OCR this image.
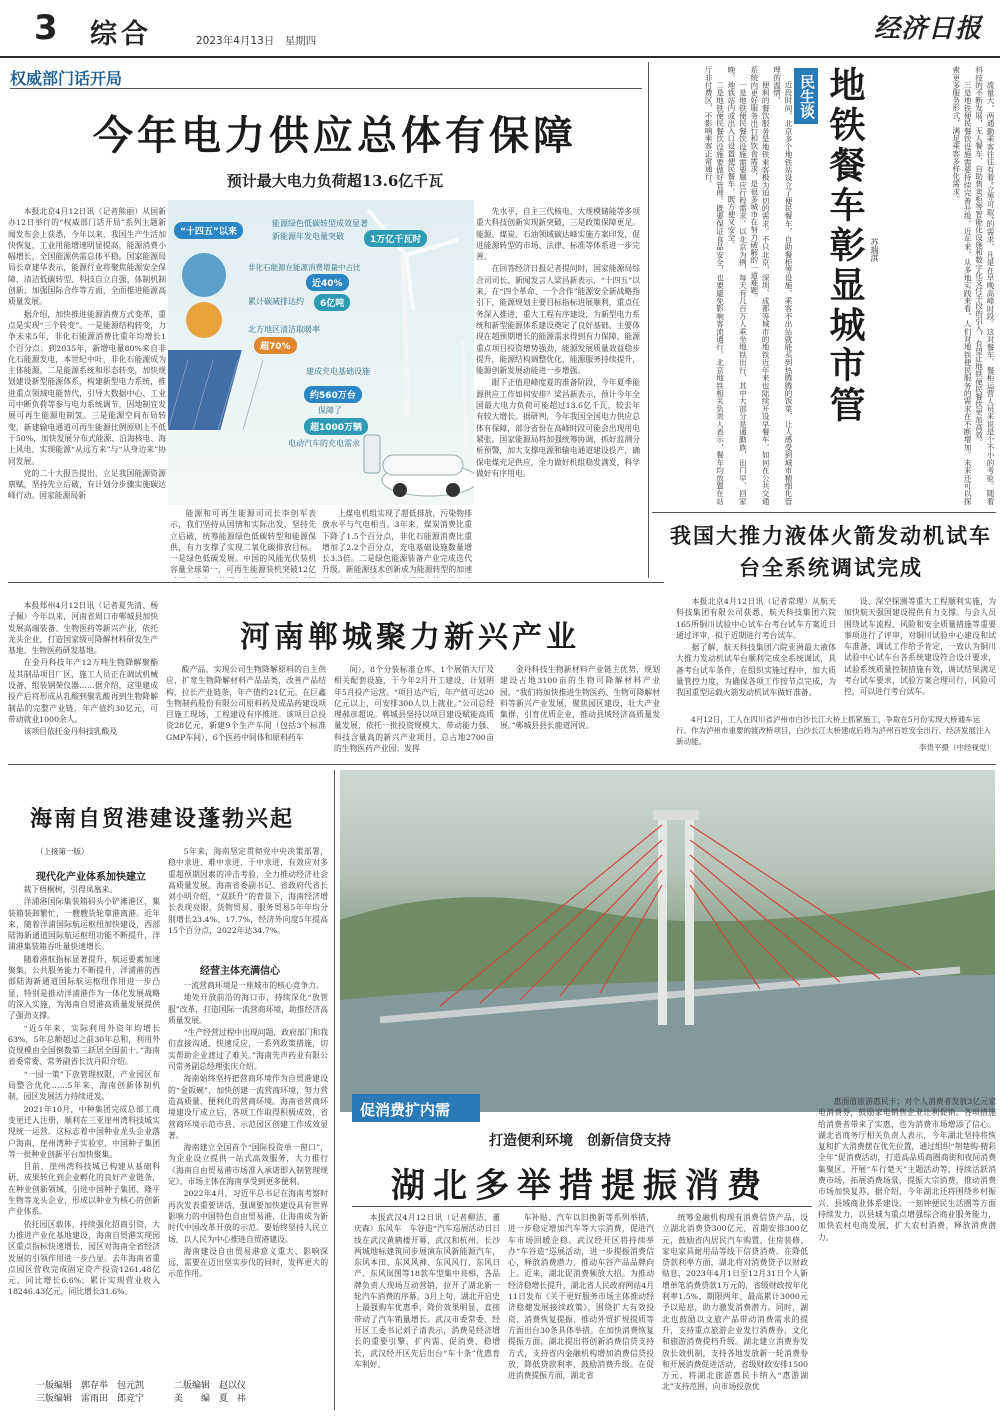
3 综合	2023年4月13日　星期四	经济日报
权威部门话开局
今年电力供应总体有保障
预计最大电力负荷超13.6亿千瓦

本报北京4月12日讯（记者熊丽）从国新办12日举行的“权威部门话开局”系列主题新闻发布会上获悉，今年以来，我国生产生活加快恢复，工业用能增速明显提高，能源消费小幅增长，全国能源供需总体平稳。国家能源局局长章建华表示，能源行业将聚焦能源安全保障、清洁低碳转型、科技自立自强、体制机制创新、加强国际合作等方面，全面推进能源高质量发展。

据介绍，加快推进能源消费方式变革，重点是实现“三个转变”。一是能源结构转变，力争未来5年，非化石能源消费比重年均增长1个百分点；到2035年，新增电量80%来自非化石能源发电，本世纪中叶，非化石能源成为主体能源。二是能源系统和形态转变，加快规划建设新型能源体系，构建新型电力系统，推进重点领域电能替代，引导大数据中心、工业可中断负荷等参与电力系统调节，因地制宜发展可再生能源电制氢。三是能源空间布局转变，新建输电通道可再生能源比例原则上不低于50%，加快发展分布式能源、沿海核电、海上风电，实现能源“从远方来”与“从身边来”协同发展。

党的二十大报告提出，立足我国能源资源禀赋，坚持先立后破，有计划分步骤实施碳达峰行动。国家能源局新

“十四五”以来
能源绿色低碳转型成效显著
新能源年发电量突破	1万亿千瓦时
非化石能源在能源消费增量中占比
近40%
累计碳减排达约	6亿吨
北方地区清洁取暖率
超70%
建成充电基础设施
约560万台
保障了
超1000万辆
电动汽车的充电需求

先水平，自主三代核电、大规模储能等多项重大科技创新实现新突破，三是政策保障更足。能源、煤炭、石油领域碳达峰实施方案印发，促进能源转型的市场、法律、标准等体系进一步完善。

在回答经济日报记者提问时，国家能源局综合司司长、新闻发言人梁昌新表示，“十四五”以来，在“四个革命、一个合作”能源安全新战略指引下，能源规划主要目标指标进展顺利，重点任务深入推进，重大工程有序建设，为新型电力系统和新型能源体系建设奠定了良好基础。主要体现在超预期增长的能源需求得到有力保障，能源重点项目投资增势强劲，能源发展质量效益稳步提升，能源结构调整优化，能源服务持续提升，能源创新发展动能进一步增强。

眼下正值迎峰度夏的准备阶段，今年夏季能源供应工作如何安排？梁昌新表示，预计今年全国最大电力负荷可能超过13.6亿千瓦，较去年有较大增长。据研判，今年我国全国电力供应总体有保障，部分省份在高峰时段可能会出现用电紧张。国家能源局将加强统筹协调，抓好监测分析预警，加大支撑电源和输电通道建设投产，确保电煤充足供应，全力做好机组稳发满发，科学做好有序用电。

能源和可再生能源司司长李创军表示，我们坚持从国情和实际出发，坚持先立后破，统筹能源绿色低碳转型和能源保供，有力支撑了实现二氧化碳排放目标。一是绿色低碳发展。中国的风能光伏装机容量全球第一，可再生能源装机突破12亿

上煤电机组实现了超低排放，污染物排放水平与气电相当。3年来，煤炭消费比重下降了1.5个百分点，非化石能源消费比重增加了2.2个百分点，充电基础设施数量增长3.3倍。二是绿色能源装备产业完成迭代升级。新能源技术创新成为能源转型的加速

近段时间，北京多个地铁站设立了便民餐车，自助餐柜等设施，乘客不出站就能买到热腾腾的饭菜，让人感受到城市精细化管理的温情。

便利的餐饮服务是地铁乘客极为迫切的需求。不只北京，深圳、成都等城市的地铁近年来也陆续开设早餐车。如何在公共交通系统内更好服务出行和饮食需求，是很多城市在努力破解的一道难题。

一是地铁便民餐饮设施需要顺应行程需求。以北京为例，每天有几百万人乘坐地铁出行，其中大部分是通勤族，出门早、回家晚。地铁站内或出入口设置便民餐车，既方便又安全。

二是地铁便民餐饮设施要做好管理。既要保证食品安全，也要避免影响客流通行。北京地铁相关负责人表示，餐车均放置在站厅非付费区，不影响乘客正常通行。	民生谈 地铁餐车彰显城市管
苏瑞淇	流量大，两通勤乘客往往有着“立等可取”的需求，凡是在早晚高峰时段。这对餐车、餐柜运营人员来说是个不小的考验。随着科技的不断发展，无人餐车、自助售卖柜等智能化设施和数字化支付手段的引入，有望让地铁便民餐饮更加高效。

三是地铁便民餐饮设施需要持续完善升级。近年来，从多地实践来看，人们对地铁便民服务的需求在不断增加。未来还可以探索更多服务形式，满足乘客多样化需求。

我国大推力液体火箭发动机试车台全系统调试完成

本报北京4月12日讯（记者常理）从航天科技集团有限公司获悉，航天科技集团六院165所铜川试验中心试车台考台试车方案近日通过评审，拟于近期进行考台试车。

据了解，航天科技集团六院亚洲最大液体大推力发动机试车台顺利完成全系统调试，具备考台试车条件，在组织实施过程中，加大质量管控力度，为确保各项工作按节点完成，为我国重型运载火箭发动机试车做好准备。

设、深空探测等重大工程顺利实施，为加快航天强国建设提供有力支撑。与会人员围绕试车流程、风险和安全质量措施等重要事项进行了评审，对铜川试验中心建设和试车准备、调试工作给予肯定，一致认为铜川试验中心试车台各系统建设符合设计要求，试验系统质量控制措施有效，调试结果满足考台试车要求，试验方案合理可行，风险可控，可以进行考台试车。

4月12日，工人在四川省泸州市白沙长江大桥上抓紧施工，争取在5月份实现大桥通车运行。作为泸州市重要的渡改桥项目，白沙长江大桥建成后将为泸州百姓安全出行、经济发展注入新动能。
李贵平摄（中经视觉）
河南郸城聚力新兴产业

本报郑州4月12日讯（记者夏先清、杨子佩）今年以来，河南省周口市郸城县加快发展高端装备、生物医药等新兴产业，依托龙头企业，打造国家级可降解材料研发生产基地、生物医药研发基地。

在金丹科技年产12万吨生物降解聚酯及其制品项目厂区，施工人员正在调试机械设备、组装钢架仪器……据介绍，这里建成投产后将形成从乳酸到聚乳酸再到生物降解制品的完整产业链，年产值约30亿元，可带动就业1000余人。

该项目依托金丹科技乳酸及

酸产品，实现公司生物降解原料的自主供应，扩宽生物降解材料产品品类，改善产品结构，拉长产业链条，年产值约21亿元。在巨鑫生物制药股份有限公司原料药及成品药建设项目施工现场，工程建设有序推进。该项目总投资28亿元，新建9个生产车间（包括3个标准GMP车间），6个医药中间体和原料药车

间），8个分装标准仓库、1个展销大厅及相关配套设施，于今年2月开工建设，计划明年5月投产运营。“项目达产后，年产值可达20亿元以上，可安排300人以上就业。”公司总经理郝彦超说。郸城县坚持以项目建设赋能高质量发展，依托一批投资规模大、带动能力强、科技含量高的新兴产业项目，总占地2700亩的生物医药产业园；发挥

金丹科技生物新材料产业链主优势，规划建设占地3100亩的生物可降解材料产业园。“我们将加快推进生物医药、生物可降解材料等新兴产业发展，聚焦园区建设，壮大产业集群，引育优质企业，推动县域经济高质量发展。”郸城县县长鹿道河说。

海南自贸港建设蓬勃兴起
（上接第一版）
现代化产业体系加快建立

栽下梧桐树，引得凤凰来。

洋浦港国际集装箱码头小铲滩港区，集装箱装卸繁忙，一艘艘货轮靠港离港。近年来，随着洋浦国际航运枢纽加快建设，西部陆海新通道国际航运枢纽功能不断提升，洋浦港集装箱吞吐量快速增长。

随着港航指标显著提升、航运要素加速聚集，公共服务能力不断提升，洋浦港的西部陆海新通道国际航运枢纽作用进一步凸显，特别是推动洋浦港作为一体化发展战略的深入实施，为海南自贸港高质量发展提供了强劲支撑。

“近5年来，实际利用外资年均增长63%，5年总额超过之前30年总和，利用外资规模由全国倒数第三跃居全国前十。”海南省委常委、常务副省长沈丹阳介绍。

“一园一策”下放管理权限，产业园区布局整合优化……5年来，海南创新体制机制，园区发展活力持续迸发。

2021年10月，中种集团完成总部工商变更迁入注册，顺利在三亚崖州湾科技城实现统一运营。这标志着中国种业龙头企业落户海南，崖州湾种子实验室、中国种子集团等一批种业创新平台加快聚集。

目前，崖州湾科技城已构建从基础科研、成果转化到企业孵化的良好产业链条，在种业创新领域，引进中国种子集团、隆平生物等龙头企业，形成以种业为核心的创新产业体系。

依托园区载体，持续强化招商引资，大力推进产业化基地建设，海南自贸港实现园区重点指标快速增长，园区对海南全省经济发展的引领作用进一步凸显。去年海南省重点园区营收完成固定资产投资1261.48亿元，同比增长6.6%；累计实现营业收入18246.43亿元，同比增长31.6%。

5年来，海南坚定贯彻党中央决策部署，稳中求进、难中求进、干中求进，有效应对多重超预期因素的冲击考验，全力推动经济社会高质量发展。海南省委副书记、省政府代省长刘小明介绍，“双跃升”的背景下，海南经济增长表现亮眼，货物贸易、服务贸易5年年均分别增长23.4%、17.7%，经济外向度5年提高15个百分点，2022年达34.7%。

经营主体充满信心

一流营商环境是一座城市的核心竞争力。

地处开放前沿的海口市，持续深化“放管服”改革，打造国际一流营商环境，助推经济高质量发展。

“生产经营过程中出现问题，政府部门和我们直接沟通、快速反应，一系列政策措施，切实帮助企业渡过了难关。”海南先声药业有限公司常务副总经理张庆介绍。

海南始终坚持把营商环境作为自贸港建设的“金饭碗”，加快创建一流营商环境，努力营造高质量、便利化的营商环境。海南省营商环境建设厅成立后，各项工作取得积极成效，省营商环境示范市县、示范园区创建工作成效显著。

海南建立全国首个“国际投资单一窗口”，为企业设立提供一站式高效服务，大力推行《海南自由贸易港市场准入承诺即入制管理规定》，市场主体在海南享受到更多便利。

2022年4月，习近平总书记在海南考察时再次发表重要讲话，强调要加快建设具有世界影响力的中国特色自由贸易港，让海南成为新时代中国改革开放的示范。要始终坚持人民立场，以人民为中心推进自贸港建设。

海南建设自由贸易港意义重大、影响深远，需要在迈出坚实步伐的同时，发挥更大的示范作用。

促消费扩内需
打造便利环境　创新信贷支持
湖北多举措提振消费

本报武汉4月12日讯（记者柳洁、董庆森）东风车　车谷造“汽车巡展活动日日线在武汉黄鹤楼开幕，武汉和杭州、长沙两城地标建筑同步展演东风新能源汽车，东风本田、东风风神、东风风行、东风日产、东风岚图等18款车型集中亮相，各品牌负责人现场互动营销，拉开了湖北新一轮汽车消费的序幕。3月上旬，湖北开启史上最强购车优惠季，降价效果明显，直接带动了汽车销量增长。武汉市委常委、经开区工委书记刘子清表示，消费是经济增长的重要引擎，扩内需、促消费、稳增长，武汉经开区先后出台“车十条”优惠育车利好。

车补贴、汽车以旧换新等系列举措，进一步稳定增加汽车等大宗消费，促进汽车市场回暖企稳。武汉经开区将持续举办“车谷造”巡展活动，进一步提振消费信心，释放消费潜力，推动车谷产品品牌向上。近来，湖北促消费频放大招。为推动经济稳增长提升，湖北省人民政府网站4月11日发布《关于更好服务市场主体推动经济稳健发展接续政策》，围绕扩大有效投资、消费恢复提振、推动外贸扩规提质等方面出台30条具体举措。在加快消费恢复提振方面，湖北提出将创新消费信贷支持方式，支持省内金融机构增加消费信贷投放，降低贷款利率，鼓励消费升级。在促进消费提振方面，湖北省

统筹金融机构现有消费信贷产品，设立湖北消费贷300亿元，首期安排300亿元，鼓励省内居民汽车购置、住房装修、家电家具耐用品等线下信贷消费。在降低贷款利率方面，湖北将对消费贷予以财政贴息，2023年4月1日至12月31日个人新增单笔消费贷款1万元的，省级财政按年化利率1.5%、期限两年、最高累计3000元予以贴息，助力激发消费潜力。同时，湖北也鼓励以文旅产品带动消费需求的提升，支持重点旅游企业发行消费券，文化和旅游消费提档升级。湖北建立消费券发放长效机制，支持各地发放新一轮消费券和开展消费促进活动，省级财政安排1500万元，将湖北旅游惠民卡纳入“惠游湖北”支持范围，向市场投放优

惠面值旅游惠民卡；对个人消费者发放3亿元家电消费券，鼓励家电销售企业让利促销。各项措施给消费者带来了实惠，也为消费市场增添了信心。湖北省商务厅相关负责人表示，今年湖北坚持将恢复和扩大消费摆在优先位置，通过组织“荆楚购·精彩全年”促消费活动，打造高品质商圈商街和夜间消费集聚区、开展“车行楚天”主题活动等，持续活跃消费市场，拓展消费场景，提振大宗消费，推动消费市场加快复苏。据介绍，今年湖北还将围绕乡村振兴、县域商业体系建设、一刻钟便民生活圈等方面持续发力，以县城为重点增强综合商业服务能力，加快农村电商发展，扩大农村消费，释放消费潜力。

一版编辑　郭存举　包元凯	二版编辑　赵以仪
三版编辑　雷雨田　郎竞宁	美　　编　夏　祎
